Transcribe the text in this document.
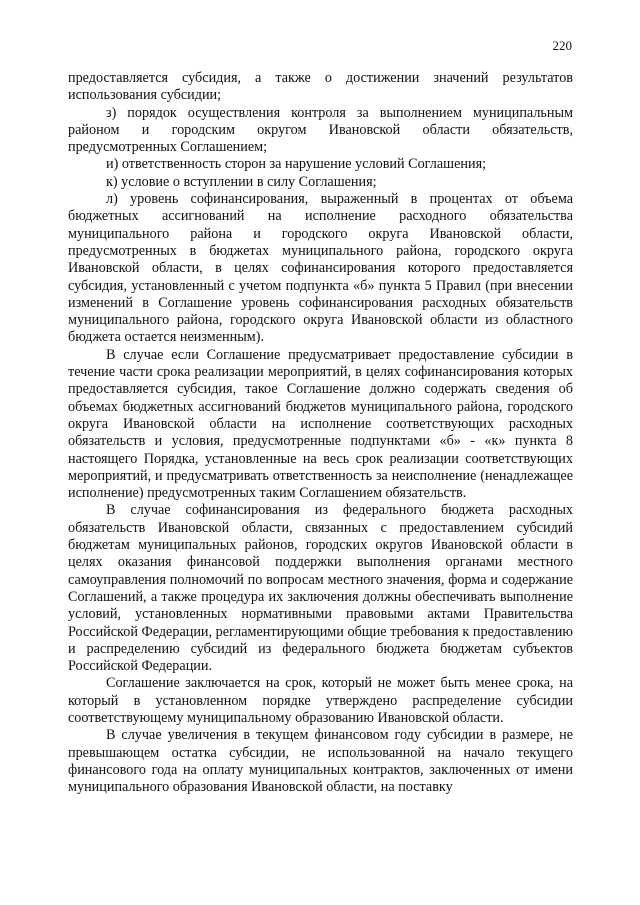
220

предоставляется субсидия, а также о достижении значений результатов использования субсидии;

з) порядок осуществления контроля за выполнением муниципальным районом и городским округом Ивановской области обязательств, предусмотренных Соглашением;

и) ответственность сторон за нарушение условий Соглашения;

к) условие о вступлении в силу Соглашения;

л) уровень софинансирования, выраженный в процентах от объема бюджетных ассигнований на исполнение расходного обязательства муниципального района и городского округа Ивановской области, предусмотренных в бюджетах муниципального района, городского округа Ивановской области, в целях софинансирования которого предоставляется субсидия, установленный с учетом подпункта «б» пункта 5 Правил (при внесении изменений в Соглашение уровень софинансирования расходных обязательств муниципального района, городского округа Ивановской области из областного бюджета остается неизменным).

В случае если Соглашение предусматривает предоставление субсидии в течение части срока реализации мероприятий, в целях софинансирования которых предоставляется субсидия, такое Соглашение должно содержать сведения об объемах бюджетных ассигнований бюджетов муниципального района, городского округа Ивановской области на исполнение соответствующих расходных обязательств и условия, предусмотренные подпунктами «б» - «к» пункта 8 настоящего Порядка, установленные на весь срок реализации соответствующих мероприятий, и предусматривать ответственность за неисполнение (ненадлежащее исполнение) предусмотренных таким Соглашением обязательств.

В случае софинансирования из федерального бюджета расходных обязательств Ивановской области, связанных с предоставлением субсидий бюджетам муниципальных районов, городских округов Ивановской области в целях оказания финансовой поддержки выполнения органами местного самоуправления полномочий по вопросам местного значения, форма и содержание Соглашений, а также процедура их заключения должны обеспечивать выполнение условий, установленных нормативными правовыми актами Правительства Российской Федерации, регламентирующими общие требования к предоставлению и распределению субсидий из федерального бюджета бюджетам субъектов Российской Федерации.

Соглашение заключается на срок, который не может быть менее срока, на который в установленном порядке утверждено распределение субсидии соответствующему муниципальному образованию Ивановской области.

В случае увеличения в текущем финансовом году субсидии в размере, не превышающем остатка субсидии, не использованной на начало текущего финансового года на оплату муниципальных контрактов, заключенных от имени муниципального образования Ивановской области, на поставку
